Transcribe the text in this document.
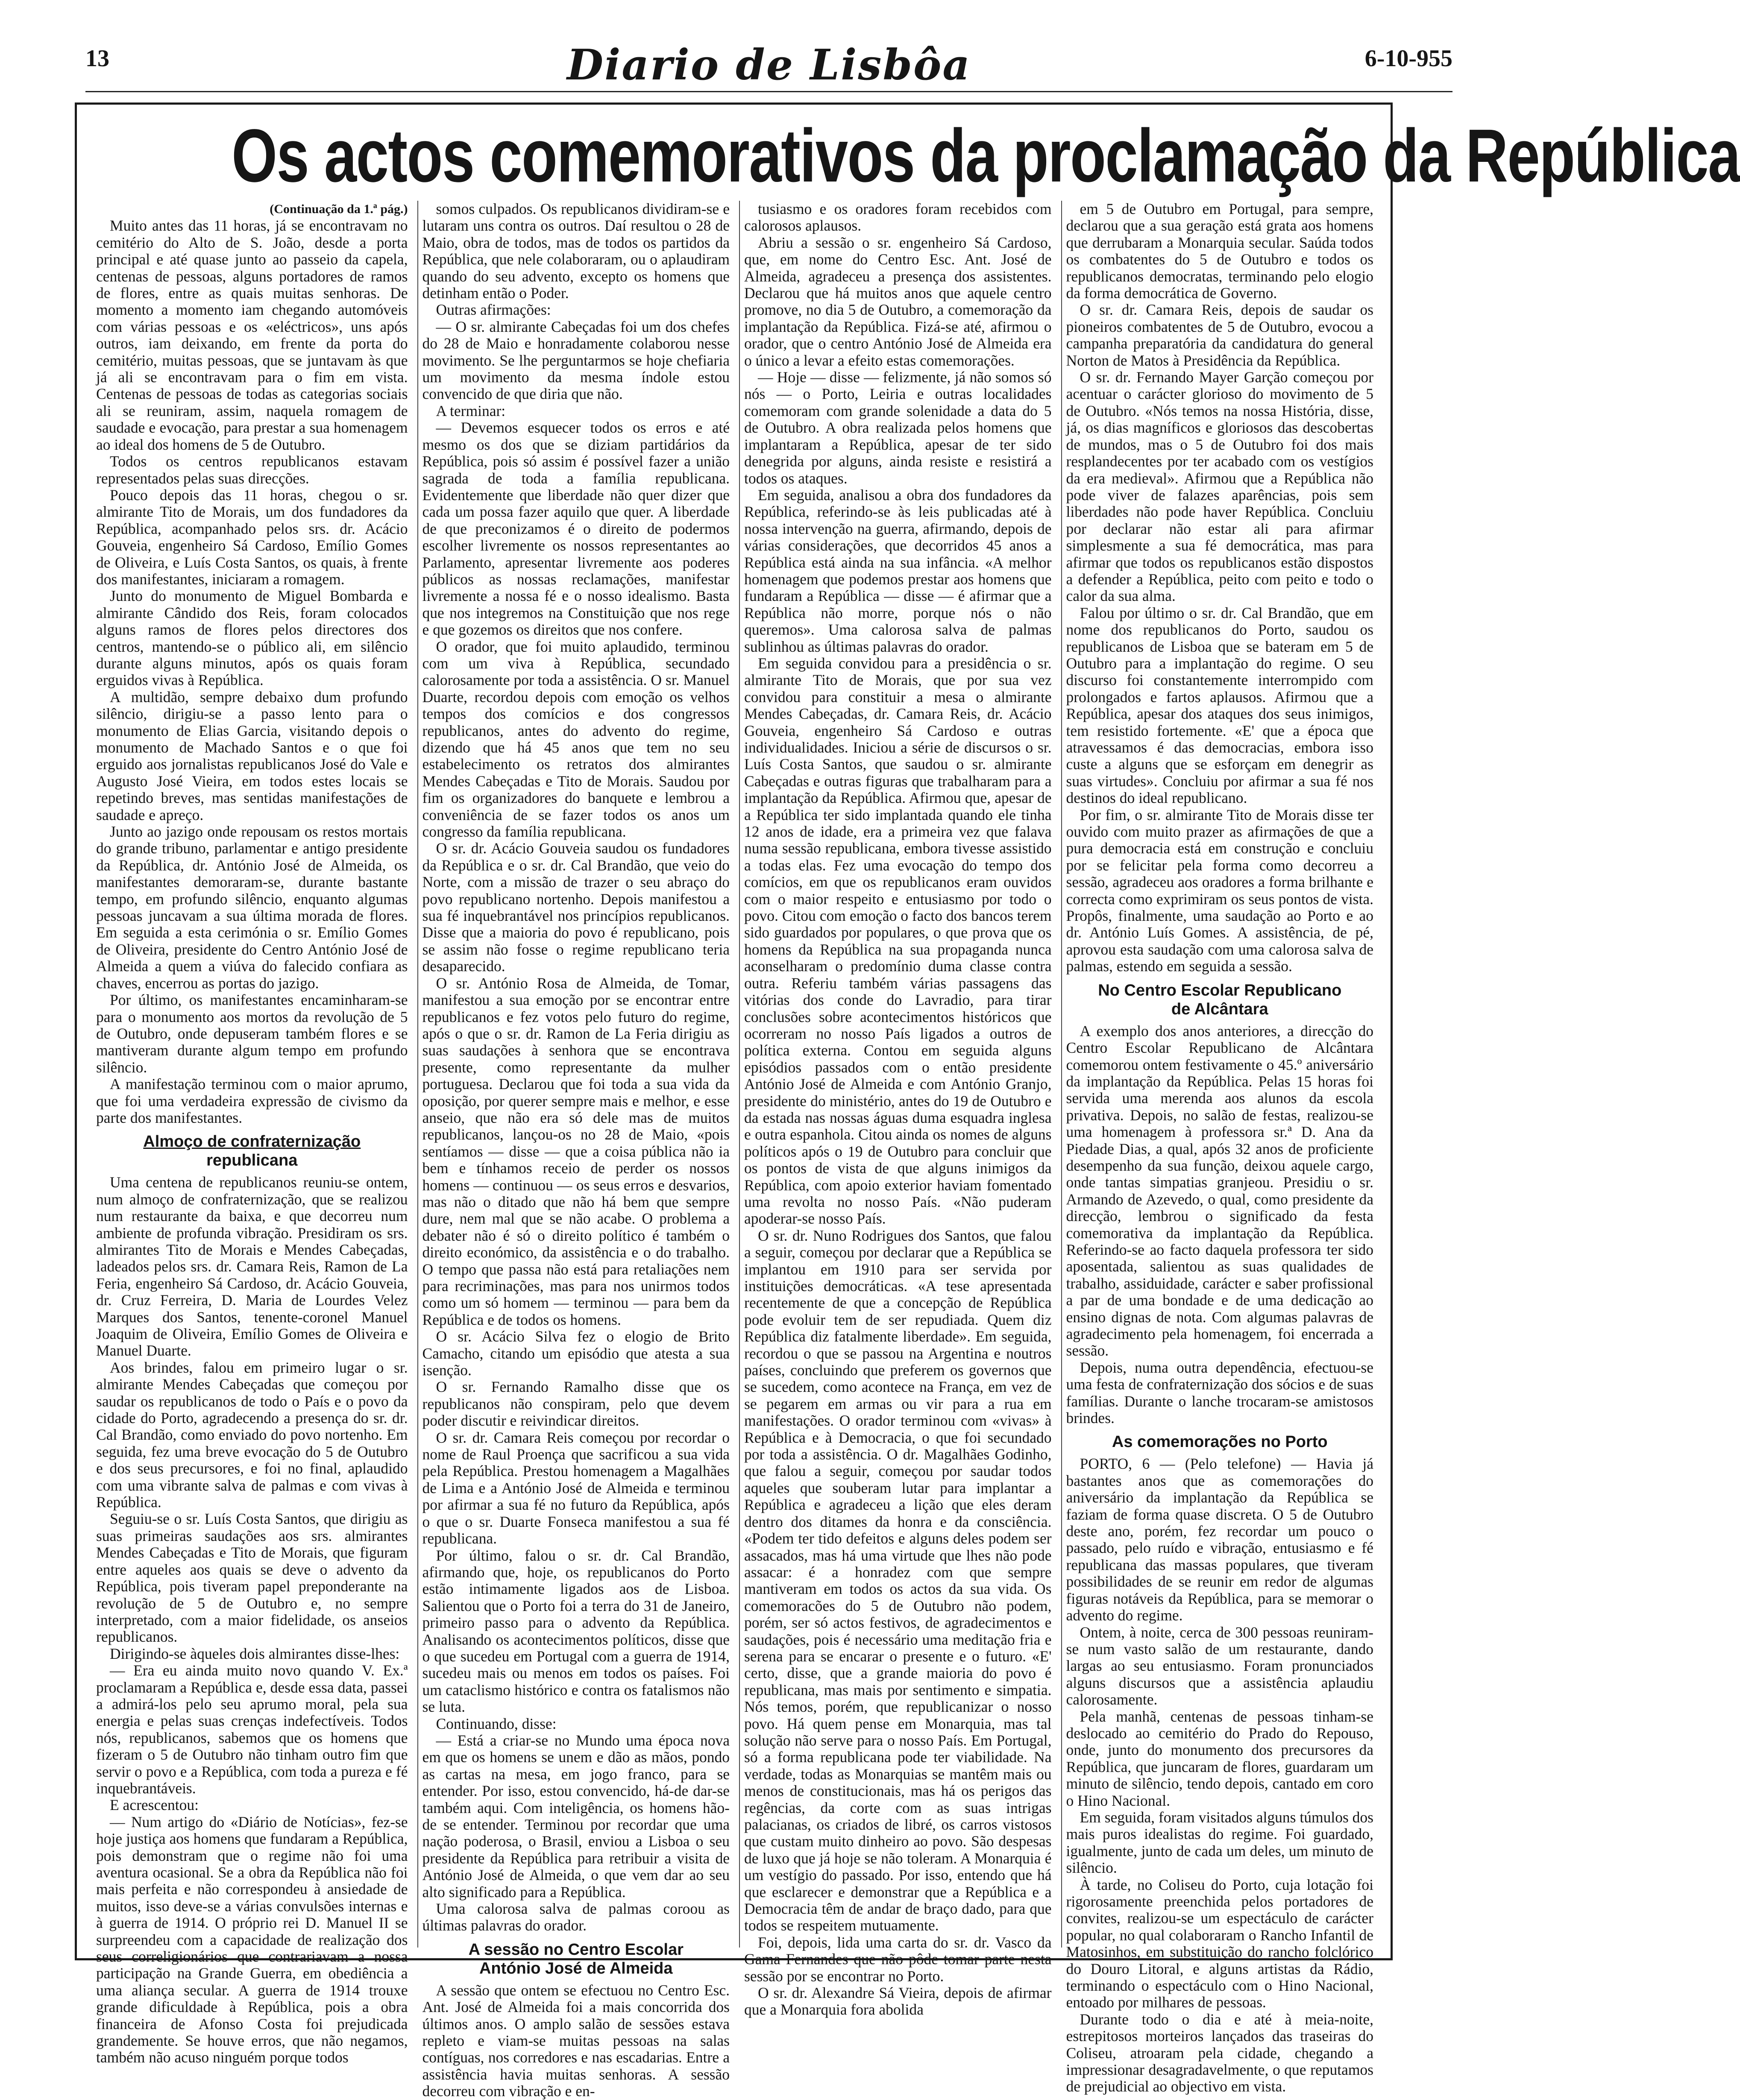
13	Diario de Lisbôa	6-10-955
Os actos comemorativos da proclamação da República

(Continuação da 1.ª pág.)

Muito antes das 11 horas, já se encontravam no cemitério do Alto de S. João, desde a porta principal e até quase junto ao passeio da capela, centenas de pessoas, alguns portadores de ramos de flores, entre as quais muitas senhoras. De momento a momento iam chegando automóveis com várias pessoas e os «eléctricos», uns após outros, iam deixando, em frente da porta do cemitério, muitas pessoas, que se juntavam às que já ali se encontravam para o fim em vista. Centenas de pessoas de todas as categorias sociais ali se reuniram, assim, naquela romagem de saudade e evocação, para prestar a sua homenagem ao ideal dos homens de 5 de Outubro.

Todos os centros republicanos estavam representados pelas suas direcções.

Pouco depois das 11 horas, chegou o sr. almirante Tito de Morais, um dos fundadores da República, acompanhado pelos srs. dr. Acácio Gouveia, engenheiro Sá Cardoso, Emílio Gomes de Oliveira, e Luís Costa Santos, os quais, à frente dos manifestantes, iniciaram a romagem.

Junto do monumento de Miguel Bombarda e almirante Cândido dos Reis, foram colocados alguns ramos de flores pelos directores dos centros, mantendo-se o público ali, em silêncio durante alguns minutos, após os quais foram erguidos vivas à República.

A multidão, sempre debaixo dum profundo silêncio, dirigiu-se a passo lento para o monumento de Elias Garcia, visitando depois o monumento de Machado Santos e o que foi erguido aos jornalistas republicanos José do Vale e Augusto José Vieira, em todos estes locais se repetindo breves, mas sentidas manifestações de saudade e apreço.

Junto ao jazigo onde repousam os restos mortais do grande tribuno, parlamentar e antigo presidente da República, dr. António José de Almeida, os manifestantes demoraram-se, durante bastante tempo, em profundo silêncio, enquanto algumas pessoas juncavam a sua última morada de flores. Em seguida a esta cerimónia o sr. Emílio Gomes de Oliveira, presidente do Centro António José de Almeida a quem a viúva do falecido confiara as chaves, encerrou as portas do jazigo.

Por último, os manifestantes encaminharam-se para o monumento aos mortos da revolução de 5 de Outubro, onde depuseram também flores e se mantiveram durante algum tempo em profundo silêncio.

A manifestação terminou com o maior aprumo, que foi uma verdadeira expressão de civismo da parte dos manifestantes.

Almoço de confraternização
republicana

Uma centena de republicanos reuniu-se ontem, num almoço de confraternização, que se realizou num restaurante da baixa, e que decorreu num ambiente de profunda vibração. Presidiram os srs. almirantes Tito de Morais e Mendes Cabeçadas, ladeados pelos srs. dr. Camara Reis, Ramon de La Feria, engenheiro Sá Cardoso, dr. Acácio Gouveia, dr. Cruz Ferreira, D. Maria de Lourdes Velez Marques dos Santos, tenente-coronel Manuel Joaquim de Oliveira, Emílio Gomes de Oliveira e Manuel Duarte.

Aos brindes, falou em primeiro lugar o sr. almirante Mendes Cabeçadas que começou por saudar os republicanos de todo o País e o povo da cidade do Porto, agradecendo a presença do sr. dr. Cal Brandão, como enviado do povo nortenho. Em seguida, fez uma breve evocação do 5 de Outubro e dos seus precursores, e foi no final, aplaudido com uma vibrante salva de palmas e com vivas à República.

Seguiu-se o sr. Luís Costa Santos, que dirigiu as suas primeiras saudações aos srs. almirantes Mendes Cabeçadas e Tito de Morais, que figuram entre aqueles aos quais se deve o advento da República, pois tiveram papel preponderante na revolução de 5 de Outubro e, no sempre interpretado, com a maior fidelidade, os anseios republicanos.

Dirigindo-se àqueles dois almirantes disse-lhes:

— Era eu ainda muito novo quando V. Ex.ª proclamaram a República e, desde essa data, passei a admirá-los pelo seu aprumo moral, pela sua energia e pelas suas crenças indefectíveis. Todos nós, republicanos, sabemos que os homens que fizeram o 5 de Outubro não tinham outro fim que servir o povo e a República, com toda a pureza e fé inquebrantáveis.

E acrescentou:

— Num artigo do «Diário de Notícias», fez-se hoje justiça aos homens que fundaram a República, pois demonstram que o regime não foi uma aventura ocasional. Se a obra da República não foi mais perfeita e não correspondeu à ansiedade de muitos, isso deve-se a várias convulsões internas e à guerra de 1914. O próprio rei D. Manuel II se surpreendeu com a capacidade de realização dos seus correligionários que contrariavam a nossa participação na Grande Guerra, em obediência a uma aliança secular. A guerra de 1914 trouxe grande dificuldade à República, pois a obra financeira de Afonso Costa foi prejudicada grandemente. Se houve erros, que não negamos, também não acuso ninguém porque todos

somos culpados. Os republicanos dividiram-se e lutaram uns contra os outros. Daí resultou o 28 de Maio, obra de todos, mas de todos os partidos da República, que nele colaboraram, ou o aplaudiram quando do seu advento, excepto os homens que detinham então o Poder.

Outras afirmações:

— O sr. almirante Cabeçadas foi um dos chefes do 28 de Maio e honradamente colaborou nesse movimento. Se lhe perguntarmos se hoje chefiaria um movimento da mesma índole estou convencido de que diria que não.

A terminar:

— Devemos esquecer todos os erros e até mesmo os dos que se diziam partidários da República, pois só assim é possível fazer a união sagrada de toda a família republicana. Evidentemente que liberdade não quer dizer que cada um possa fazer aquilo que quer. A liberdade de que preconizamos é o direito de podermos escolher livremente os nossos representantes ao Parlamento, apresentar livremente aos poderes públicos as nossas reclamações, manifestar livremente a nossa fé e o nosso idealismo. Basta que nos integremos na Constituição que nos rege e que gozemos os direitos que nos confere.

O orador, que foi muito aplaudido, terminou com um viva à República, secundado calorosamente por toda a assistência. O sr. Manuel Duarte, recordou depois com emoção os velhos tempos dos comícios e dos congressos republicanos, antes do advento do regime, dizendo que há 45 anos que tem no seu estabelecimento os retratos dos almirantes Mendes Cabeçadas e Tito de Morais. Saudou por fim os organizadores do banquete e lembrou a conveniência de se fazer todos os anos um congresso da família republicana.

O sr. dr. Acácio Gouveia saudou os fundadores da República e o sr. dr. Cal Brandão, que veio do Norte, com a missão de trazer o seu abraço do povo republicano nortenho. Depois manifestou a sua fé inquebrantável nos princípios republicanos. Disse que a maioria do povo é republicano, pois se assim não fosse o regime republicano teria desaparecido.

O sr. António Rosa de Almeida, de Tomar, manifestou a sua emoção por se encontrar entre republicanos e fez votos pelo futuro do regime, após o que o sr. dr. Ramon de La Feria dirigiu as suas saudações à senhora que se encontrava presente, como representante da mulher portuguesa. Declarou que foi toda a sua vida da oposição, por querer sempre mais e melhor, e esse anseio, que não era só dele mas de muitos republicanos, lançou-os no 28 de Maio, «pois sentíamos — disse — que a coisa pública não ia bem e tínhamos receio de perder os nossos homens — continuou — os seus erros e desvarios, mas não o ditado que não há bem que sempre dure, nem mal que se não acabe. O problema a debater não é só o direito político é também o direito económico, da assistência e o do trabalho. O tempo que passa não está para retaliações nem para recriminações, mas para nos unirmos todos como um só homem — terminou — para bem da República e de todos os homens.

O sr. Acácio Silva fez o elogio de Brito Camacho, citando um episódio que atesta a sua isenção.

O sr. Fernando Ramalho disse que os republicanos não conspiram, pelo que devem poder discutir e reivindicar direitos.

O sr. dr. Camara Reis começou por recordar o nome de Raul Proença que sacrificou a sua vida pela República. Prestou homenagem a Magalhães de Lima e a António José de Almeida e terminou por afirmar a sua fé no futuro da República, após o que o sr. Duarte Fonseca manifestou a sua fé republicana.

Por último, falou o sr. dr. Cal Brandão, afirmando que, hoje, os republicanos do Porto estão intimamente ligados aos de Lisboa. Salientou que o Porto foi a terra do 31 de Janeiro, primeiro passo para o advento da República. Analisando os acontecimentos políticos, disse que o que sucedeu em Portugal com a guerra de 1914, sucedeu mais ou menos em todos os países. Foi um cataclismo histórico e contra os fatalismos não se luta.

Continuando, disse:

— Está a criar-se no Mundo uma época nova em que os homens se unem e dão as mãos, pondo as cartas na mesa, em jogo franco, para se entender. Por isso, estou convencido, há-de dar-se também aqui. Com inteligência, os homens hão-de se entender. Terminou por recordar que uma nação poderosa, o Brasil, enviou a Lisboa o seu presidente da República para retribuir a visita de António José de Almeida, o que vem dar ao seu alto significado para a República.

Uma calorosa salva de palmas coroou as últimas palavras do orador.

A sessão no Centro Escolar
António José de Almeida

A sessão que ontem se efectuou no Centro Esc. Ant. José de Almeida foi a mais concorrida dos últimos anos. O amplo salão de sessões estava repleto e viam-se muitas pessoas na salas contíguas, nos corredores e nas escadarias. Entre a assistência havia muitas senhoras. A sessão decorreu com vibração e en-

tusiasmo e os oradores foram recebidos com calorosos aplausos.

Abriu a sessão o sr. engenheiro Sá Cardoso, que, em nome do Centro Esc. Ant. José de Almeida, agradeceu a presença dos assistentes. Declarou que há muitos anos que aquele centro promove, no dia 5 de Outubro, a comemoração da implantação da República. Fizá-se até, afirmou o orador, que o centro António José de Almeida era o único a levar a efeito estas comemorações.

— Hoje — disse — felizmente, já não somos só nós — o Porto, Leiria e outras localidades comemoram com grande solenidade a data do 5 de Outubro. A obra realizada pelos homens que implantaram a República, apesar de ter sido denegrida por alguns, ainda resiste e resistirá a todos os ataques.

Em seguida, analisou a obra dos fundadores da República, referindo-se às leis publicadas até à nossa intervenção na guerra, afirmando, depois de várias considerações, que decorridos 45 anos a República está ainda na sua infância. «A melhor homenagem que podemos prestar aos homens que fundaram a República — disse — é afirmar que a República não morre, porque nós o não queremos». Uma calorosa salva de palmas sublinhou as últimas palavras do orador.

Em seguida convidou para a presidência o sr. almirante Tito de Morais, que por sua vez convidou para constituir a mesa o almirante Mendes Cabeçadas, dr. Camara Reis, dr. Acácio Gouveia, engenheiro Sá Cardoso e outras individualidades. Iniciou a série de discursos o sr. Luís Costa Santos, que saudou o sr. almirante Cabeçadas e outras figuras que trabalharam para a implantação da República. Afirmou que, apesar de a República ter sido implantada quando ele tinha 12 anos de idade, era a primeira vez que falava numa sessão republicana, embora tivesse assistido a todas elas. Fez uma evocação do tempo dos comícios, em que os republicanos eram ouvidos com o maior respeito e entusiasmo por todo o povo. Citou com emoção o facto dos bancos terem sido guardados por populares, o que prova que os homens da República na sua propaganda nunca aconselharam o predomínio duma classe contra outra. Referiu também várias passagens das vitórias dos conde do Lavradio, para tirar conclusões sobre acontecimentos históricos que ocorreram no nosso País ligados a outros de política externa. Contou em seguida alguns episódios passados com o então presidente António José de Almeida e com António Granjo, presidente do ministério, antes do 19 de Outubro e da estada nas nossas águas duma esquadra inglesa e outra espanhola. Citou ainda os nomes de alguns políticos após o 19 de Outubro para concluir que os pontos de vista de que alguns inimigos da República, com apoio exterior haviam fomentado uma revolta no nosso País. «Não puderam apoderar-se nosso País.

O sr. dr. Nuno Rodrigues dos Santos, que falou a seguir, começou por declarar que a República se implantou em 1910 para ser servida por instituições democráticas. «A tese apresentada recentemente de que a concepção de República pode evoluir tem de ser repudiada. Quem diz República diz fatalmente liberdade». Em seguida, recordou o que se passou na Argentina e noutros países, concluindo que preferem os governos que se sucedem, como acontece na França, em vez de se pegarem em armas ou vir para a rua em manifestações. O orador terminou com «vivas» à República e à Democracia, o que foi secundado por toda a assistência. O dr. Magalhães Godinho, que falou a seguir, começou por saudar todos aqueles que souberam lutar para implantar a República e agradeceu a lição que eles deram dentro dos ditames da honra e da consciência. «Podem ter tido defeitos e alguns deles podem ser assacados, mas há uma virtude que lhes não pode assacar: é a honradez com que sempre mantiveram em todos os actos da sua vida. Os comemoracões do 5 de Outubro não podem, porém, ser só actos festivos, de agradecimentos e saudações, pois é necessário uma meditação fria e serena para se encarar o presente e o futuro. «E' certo, disse, que a grande maioria do povo é republicana, mas mais por sentimento e simpatia. Nós temos, porém, que republicanizar o nosso povo. Há quem pense em Monarquia, mas tal solução não serve para o nosso País. Em Portugal, só a forma republicana pode ter viabilidade. Na verdade, todas as Monarquias se mantêm mais ou menos de constitucionais, mas há os perigos das regências, da corte com as suas intrigas palacianas, os criados de libré, os carros vistosos que custam muito dinheiro ao povo. São despesas de luxo que já hoje se não toleram. A Monarquia é um vestígio do passado. Por isso, entendo que há que esclarecer e demonstrar que a República e a Democracia têm de andar de braço dado, para que todos se respeitem mutuamente.

Foi, depois, lida uma carta do sr. dr. Vasco da Gama Fernandes que não pôde tomar parte nesta sessão por se encontrar no Porto.

O sr. dr. Alexandre Sá Vieira, depois de afirmar que a Monarquia fora abolida

em 5 de Outubro em Portugal, para sempre, declarou que a sua geração está grata aos homens que derrubaram a Monarquia secular. Saúda todos os combatentes do 5 de Outubro e todos os republicanos democratas, terminando pelo elogio da forma democrática de Governo.

O sr. dr. Camara Reis, depois de saudar os pioneiros combatentes de 5 de Outubro, evocou a campanha preparatória da candidatura do general Norton de Matos à Presidência da República.

O sr. dr. Fernando Mayer Garção começou por acentuar o carácter glorioso do movimento de 5 de Outubro. «Nós temos na nossa História, disse, já, os dias magníficos e gloriosos das descobertas de mundos, mas o 5 de Outubro foi dos mais resplandecentes por ter acabado com os vestígios da era medieval». Afirmou que a República não pode viver de falazes aparências, pois sem liberdades não pode haver República. Concluiu por declarar não estar ali para afirmar simplesmente a sua fé democrática, mas para afirmar que todos os republicanos estão dispostos a defender a República, peito com peito e todo o calor da sua alma.

Falou por último o sr. dr. Cal Brandão, que em nome dos republicanos do Porto, saudou os republicanos de Lisboa que se bateram em 5 de Outubro para a implantação do regime. O seu discurso foi constantemente interrompido com prolongados e fartos aplausos. Afirmou que a República, apesar dos ataques dos seus inimigos, tem resistido fortemente. «E' que a época que atravessamos é das democracias, embora isso custe a alguns que se esforçam em denegrir as suas virtudes». Concluiu por afirmar a sua fé nos destinos do ideal republicano.

Por fim, o sr. almirante Tito de Morais disse ter ouvido com muito prazer as afirmações de que a pura democracia está em construção e concluiu por se felicitar pela forma como decorreu a sessão, agradeceu aos oradores a forma brilhante e correcta como exprimiram os seus pontos de vista. Propôs, finalmente, uma saudação ao Porto e ao dr. António Luís Gomes. A assistência, de pé, aprovou esta saudação com uma calorosa salva de palmas, estendo em seguida a sessão.

No Centro Escolar Republicano
de Alcântara

A exemplo dos anos anteriores, a direcção do Centro Escolar Republicano de Alcântara comemorou ontem festivamente o 45.º aniversário da implantação da República. Pelas 15 horas foi servida uma merenda aos alunos da escola privativa. Depois, no salão de festas, realizou-se uma homenagem à professora sr.ª D. Ana da Piedade Dias, a qual, após 32 anos de proficiente desempenho da sua função, deixou aquele cargo, onde tantas simpatias granjeou. Presidiu o sr. Armando de Azevedo, o qual, como presidente da direcção, lembrou o significado da festa comemorativa da implantação da República. Referindo-se ao facto daquela professora ter sido aposentada, salientou as suas qualidades de trabalho, assiduidade, carácter e saber profissional a par de uma bondade e de uma dedicação ao ensino dignas de nota. Com algumas palavras de agradecimento pela homenagem, foi encerrada a sessão.

Depois, numa outra dependência, efectuou-se uma festa de confraternização dos sócios e de suas famílias. Durante o lanche trocaram-se amistosos brindes.

As comemorações no Porto

PORTO, 6 — (Pelo telefone) — Havia já bastantes anos que as comemorações do aniversário da implantação da República se faziam de forma quase discreta. O 5 de Outubro deste ano, porém, fez recordar um pouco o passado, pelo ruído e vibração, entusiasmo e fé republicana das massas populares, que tiveram possibilidades de se reunir em redor de algumas figuras notáveis da República, para se memorar o advento do regime.

Ontem, à noite, cerca de 300 pessoas reuniram-se num vasto salão de um restaurante, dando largas ao seu entusiasmo. Foram pronunciados alguns discursos que a assistência aplaudiu calorosamente.

Pela manhã, centenas de pessoas tinham-se deslocado ao cemitério do Prado do Repouso, onde, junto do monumento dos precursores da República, que juncaram de flores, guardaram um minuto de silêncio, tendo depois, cantado em coro o Hino Nacional.

Em seguida, foram visitados alguns túmulos dos mais puros idealistas do regime. Foi guardado, igualmente, junto de cada um deles, um minuto de silêncio.

À tarde, no Coliseu do Porto, cuja lotação foi rigorosamente preenchida pelos portadores de convites, realizou-se um espectáculo de carácter popular, no qual colaboraram o Rancho Infantil de Matosinhos, em substituição do rancho folclórico do Douro Litoral, e alguns artistas da Rádio, terminando o espectáculo com o Hino Nacional, entoado por milhares de pessoas.

Durante todo o dia e até à meia-noite, estrepitosos morteiros lançados das traseiras do Coliseu, atroaram pela cidade, chegando a impressionar desagradavelmente, o que reputamos de prejudicial ao objectivo em vista.
